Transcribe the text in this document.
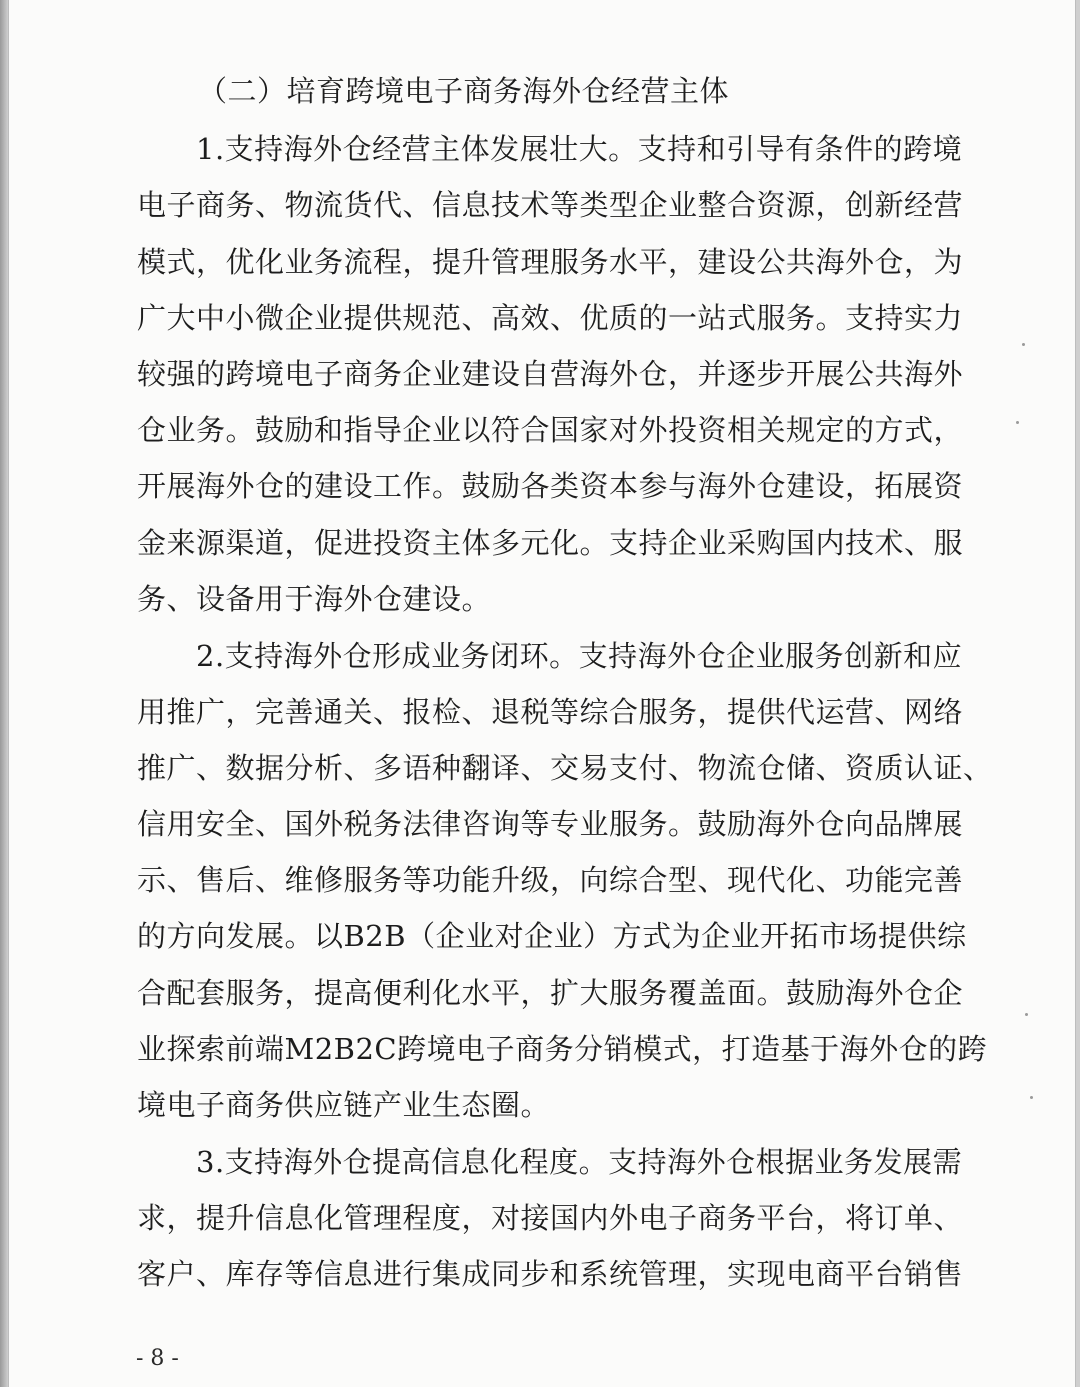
（二）培育跨境电子商务海外仓经营主体
1.支持海外仓经营主体发展壮大。支持和引导有条件的跨境
电子商务、物流货代、信息技术等类型企业整合资源，创新经营
模式，优化业务流程，提升管理服务水平，建设公共海外仓，为
广大中小微企业提供规范、高效、优质的一站式服务。支持实力
较强的跨境电子商务企业建设自营海外仓，并逐步开展公共海外
仓业务。鼓励和指导企业以符合国家对外投资相关规定的方式，
开展海外仓的建设工作。鼓励各类资本参与海外仓建设，拓展资
金来源渠道，促进投资主体多元化。支持企业采购国内技术、服
务、设备用于海外仓建设。
2.支持海外仓形成业务闭环。支持海外仓企业服务创新和应
用推广，完善通关、报检、退税等综合服务，提供代运营、网络
推广、数据分析、多语种翻译、交易支付、物流仓储、资质认证、
信用安全、国外税务法律咨询等专业服务。鼓励海外仓向品牌展
示、售后、维修服务等功能升级，向综合型、现代化、功能完善
的方向发展。以B2B（企业对企业）方式为企业开拓市场提供综
合配套服务，提高便利化水平，扩大服务覆盖面。鼓励海外仓企
业探索前端M2B2C跨境电子商务分销模式，打造基于海外仓的跨
境电子商务供应链产业生态圈。
3.支持海外仓提高信息化程度。支持海外仓根据业务发展需
求，提升信息化管理程度，对接国内外电子商务平台，将订单、
客户、库存等信息进行集成同步和系统管理，实现电商平台销售
- 8 -
